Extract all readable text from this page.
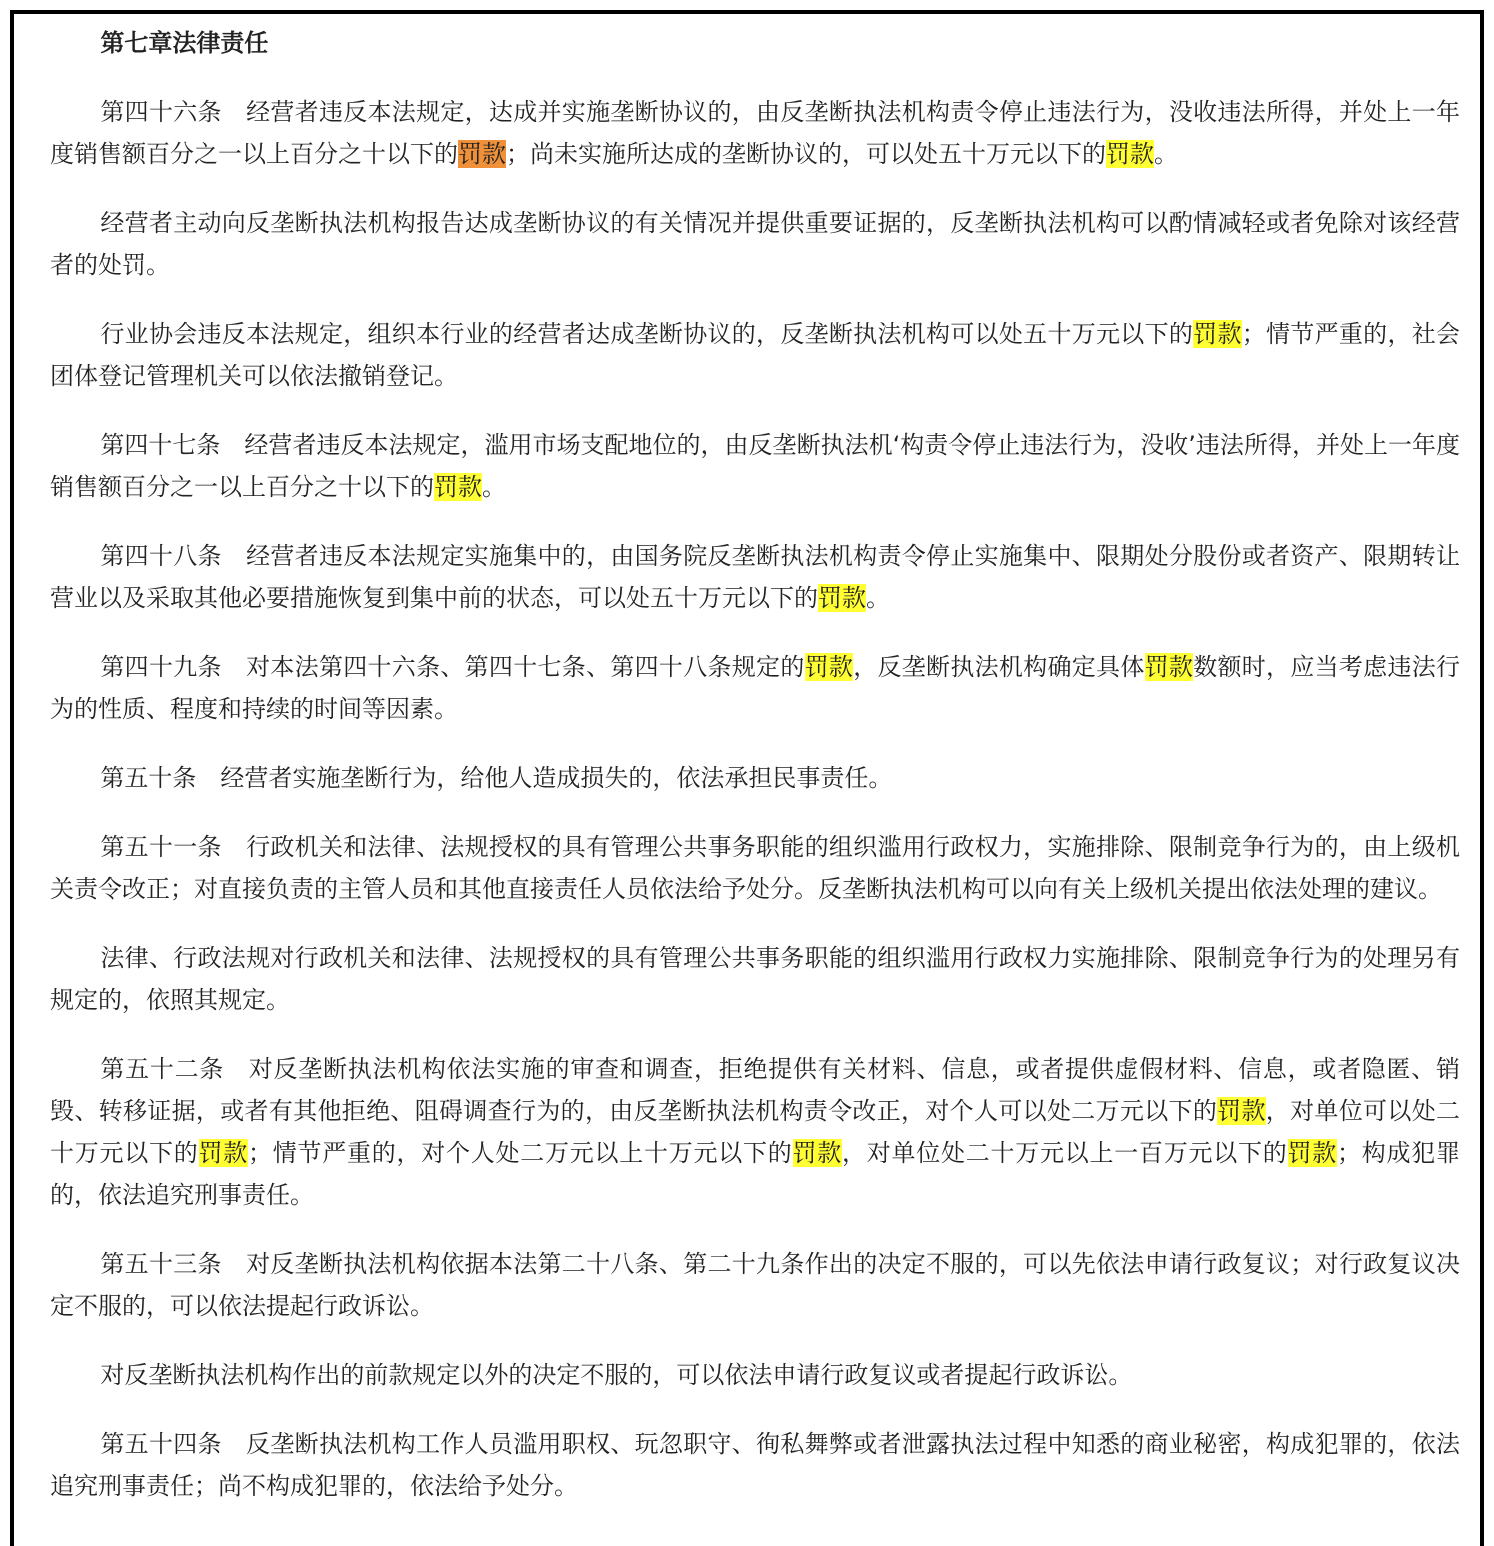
第七章法律责任

第四十六条 经营者违反本法规定，达成并实施垄断协议的，由反垄断执法机构责令停止违法行为，没收违法所得，并处上一年度销售额百分之一以上百分之十以下的罚款；尚未实施所达成的垄断协议的，可以处五十万元以下的罚款。

经营者主动向反垄断执法机构报告达成垄断协议的有关情况并提供重要证据的，反垄断执法机构可以酌情减轻或者免除对该经营者的处罚。

行业协会违反本法规定，组织本行业的经营者达成垄断协议的，反垄断执法机构可以处五十万元以下的罚款；情节严重的，社会团体登记管理机关可以依法撤销登记。

第四十七条 经营者违反本法规定，滥用市场支配地位的，由反垄断执法机‘构责令停止违法行为，没收’违法所得，并处上一年度销售额百分之一以上百分之十以下的罚款。

第四十八条 经营者违反本法规定实施集中的，由国务院反垄断执法机构责令停止实施集中、限期处分股份或者资产、限期转让营业以及采取其他必要措施恢复到集中前的状态，可以处五十万元以下的罚款。

第四十九条 对本法第四十六条、第四十七条、第四十八条规定的罚款，反垄断执法机构确定具体罚款数额时，应当考虑违法行为的性质、程度和持续的时间等因素。

第五十条 经营者实施垄断行为，给他人造成损失的，依法承担民事责任。

第五十一条 行政机关和法律、法规授权的具有管理公共事务职能的组织滥用行政权力，实施排除、限制竞争行为的，由上级机关责令改正；对直接负责的主管人员和其他直接责任人员依法给予处分。反垄断执法机构可以向有关上级机关提出依法处理的建议。

法律、行政法规对行政机关和法律、法规授权的具有管理公共事务职能的组织滥用行政权力实施排除、限制竞争行为的处理另有规定的，依照其规定。

第五十二条 对反垄断执法机构依法实施的审查和调查，拒绝提供有关材料、信息，或者提供虚假材料、信息，或者隐匿、销毁、转移证据，或者有其他拒绝、阻碍调查行为的，由反垄断执法机构责令改正，对个人可以处二万元以下的罚款，对单位可以处二十万元以下的罚款；情节严重的，对个人处二万元以上十万元以下的罚款，对单位处二十万元以上一百万元以下的罚款；构成犯罪的，依法追究刑事责任。

第五十三条 对反垄断执法机构依据本法第二十八条、第二十九条作出的决定不服的，可以先依法申请行政复议；对行政复议决定不服的，可以依法提起行政诉讼。

对反垄断执法机构作出的前款规定以外的决定不服的，可以依法申请行政复议或者提起行政诉讼。

第五十四条 反垄断执法机构工作人员滥用职权、玩忽职守、徇私舞弊或者泄露执法过程中知悉的商业秘密，构成犯罪的，依法追究刑事责任；尚不构成犯罪的，依法给予处分。
